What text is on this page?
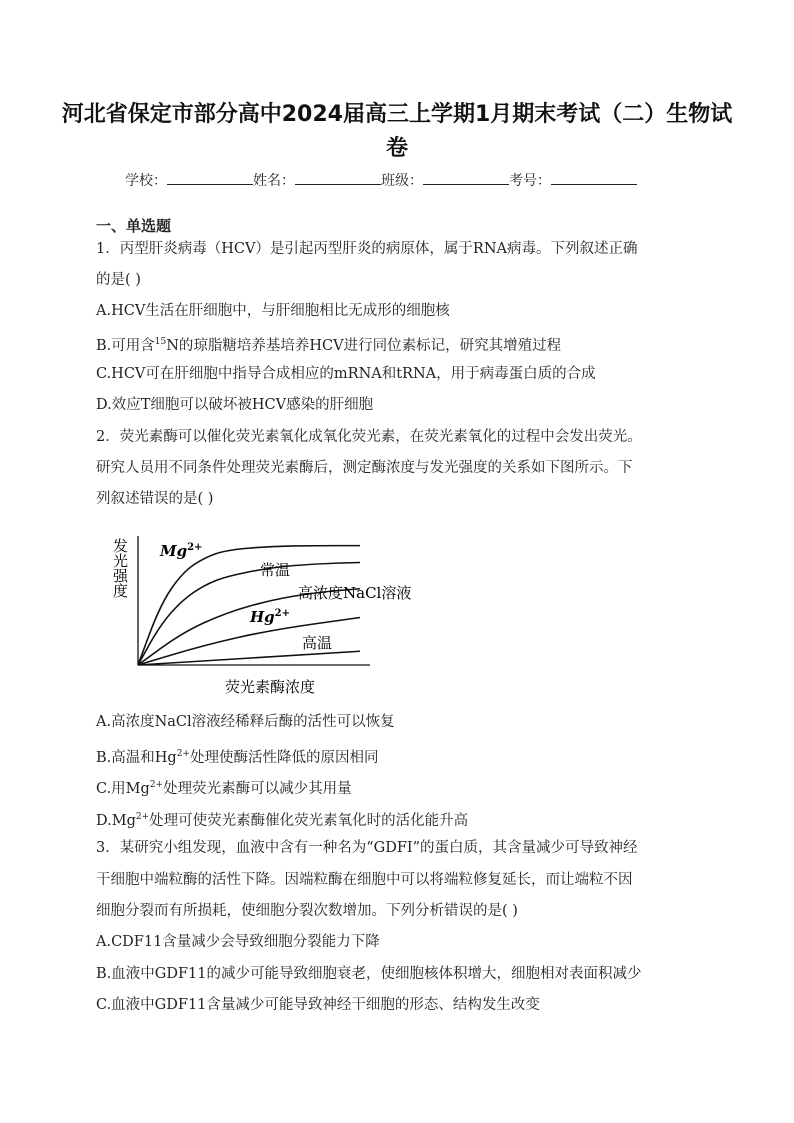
河北省保定市部分高中2024届高三上学期1月期末考试（二）生物试
卷
学校：	姓名：	班级：	考号：
一、单选题
1．丙型肝炎病毒（HCV）是引起丙型肝炎的病原体，属于RNA病毒。下列叙述正确
的是( )
A.HCV生活在肝细胞中，与肝细胞相比无成形的细胞核
B.可用含$^{15}$N的琼脂糖培养基培养HCV进行同位素标记，研究其增殖过程
C.HCV可在肝细胞中指导合成相应的mRNA和tRNA，用于病毒蛋白质的合成
D.效应T细胞可以破坏被HCV感染的肝细胞
2．荧光素酶可以催化荧光素氧化成氧化荧光素，在荧光素氧化的过程中会发出荧光。
研究人员用不同条件处理荧光素酶后，测定酶浓度与发光强度的关系如下图所示。下
列叙述错误的是( )
$Mg^{2+}$
常温
高浓度NaCl溶液
$Hg^{2+}$
高温
荧光素酶浓度
发光强度
A.高浓度NaCl溶液经稀释后酶的活性可以恢复
B.高温和$Hg^{2+}$处理使酶活性降低的原因相同
C.用$Mg^{2+}$处理荧光素酶可以减少其用量
$D.Mg^{2+}$处理可使荧光素酶催化荧光素氧化时的活化能升高
3．某研究小组发现，血液中含有一种名为“GDFI”的蛋白质，其含量减少可导致神经
干细胞中端粒酶的活性下降。因端粒酶在细胞中可以将端粒修复延长，而让端粒不因
细胞分裂而有所损耗，使细胞分裂次数增加。下列分析错误的是( )
A.CDF11含量减少会导致细胞分裂能力下降
B.血液中GDF11的减少可能导致细胞衰老，使细胞核体积增大，细胞相对表面积减少
C.血液中GDF11含量减少可能导致神经干细胞的形态、结构发生改变
